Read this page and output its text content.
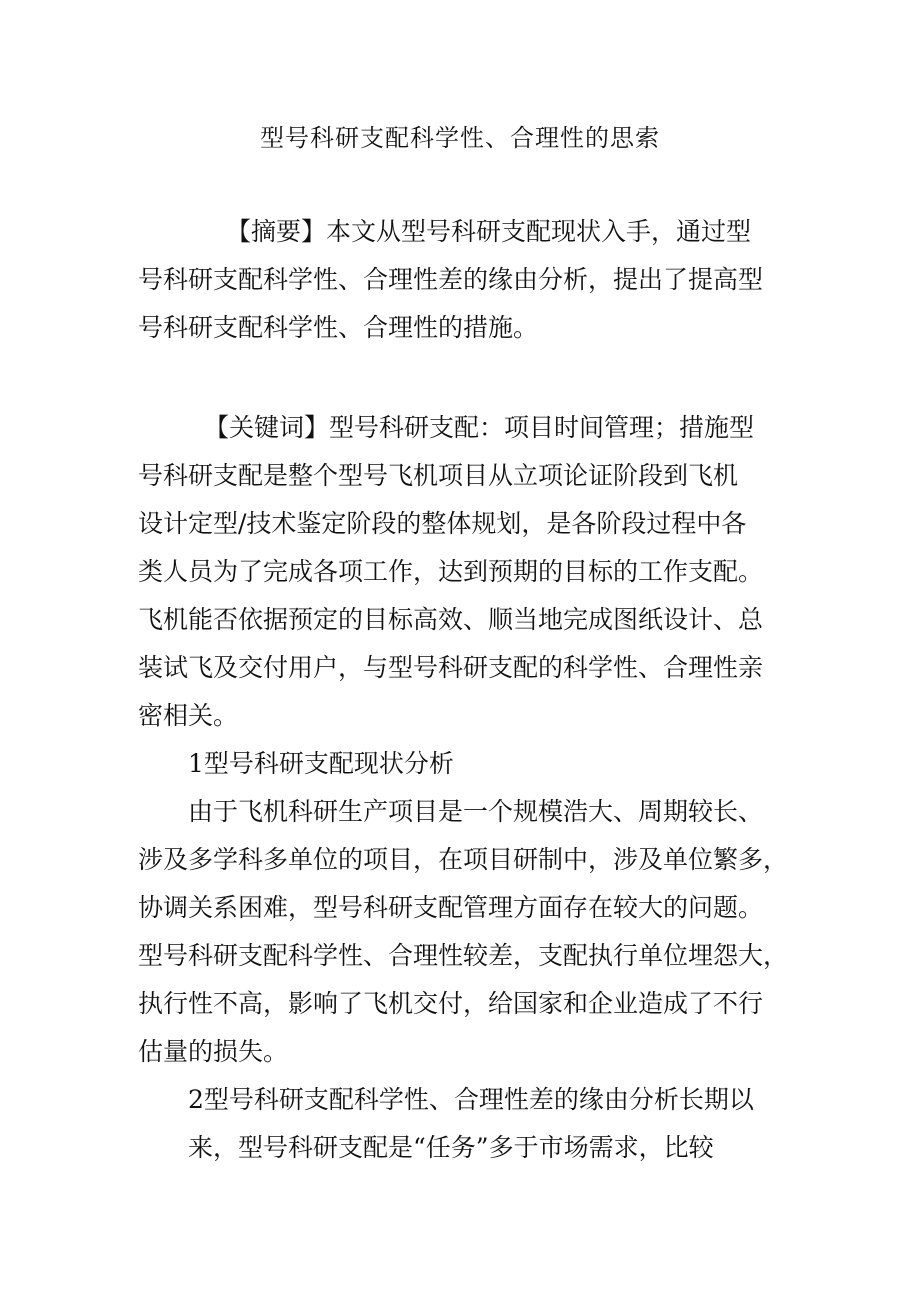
型号科研支配科学性、合理性的思索
【摘要】本文从型号科研支配现状入手，通过型
号科研支配科学性、合理性差的缘由分析，提出了提高型
号科研支配科学性、合理性的措施。
【关键词】型号科研支配：项目时间管理；措施型
号科研支配是整个型号飞机项目从立项论证阶段到飞机
设计定型/技术鉴定阶段的整体规划，是各阶段过程中各
类人员为了完成各项工作，达到预期的目标的工作支配。
飞机能否依据预定的目标高效、顺当地完成图纸设计、总
装试飞及交付用户，与型号科研支配的科学性、合理性亲
密相关。
1型号科研支配现状分析
由于飞机科研生产项目是一个规模浩大、周期较长、
涉及多学科多单位的项目，在项目研制中，涉及单位繁多，
协调关系困难，型号科研支配管理方面存在较大的问题。
型号科研支配科学性、合理性较差，支配执行单位埋怨大，
执行性不高，影响了飞机交付，给国家和企业造成了不行
估量的损失。
2型号科研支配科学性、合理性差的缘由分析长期以
来，型号科研支配是“任务”多于市场需求，比较
